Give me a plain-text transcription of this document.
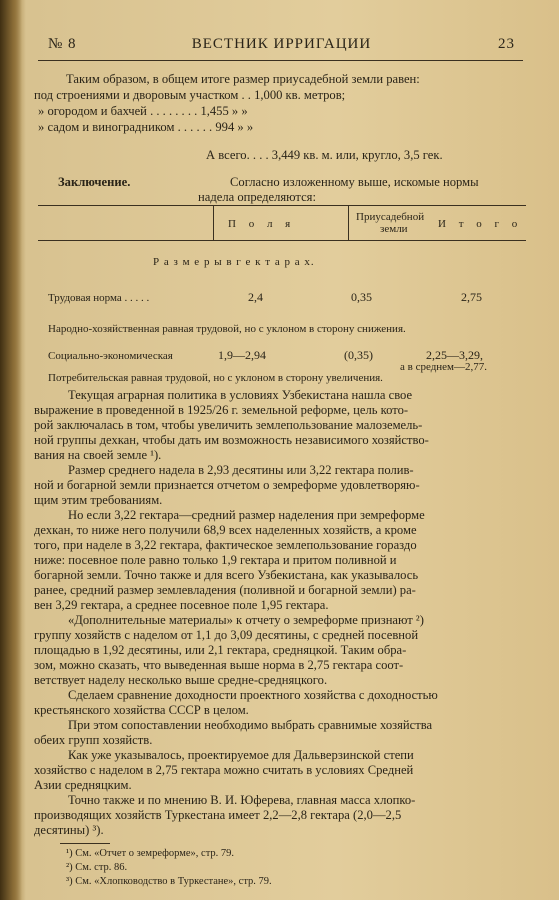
№ 8	ВЕСТНИК ИРРИГАЦИИ	23
Таким образом, в общем итоге размер приусадебной земли равен:
под строениями и дворовым участком . . 1,000 кв. метров;
» огородом и бахчей . . . . . . . . 1,455 » »
» садом и виноградником . . . . . . 994 » »
А всего. . . . 3,449 кв. м. или, кругло, 3,5 гек.
Заключение.	Согласно изложенному выше, искомые нормы
надела определяются:
П о л я
Приусадебной
земли	И т о г о
Р а з м е р ы в г е к т а р а х.
Трудовая норма . . . . .	2,4	0,35	2,75
Народно-хозяйственная равная трудовой, но с уклоном в сторону снижения.
Социально-экономическая	1,9—2,94	(0,35)	2,25—3,29,
а в среднем—2,77.
Потребительская равная трудовой, но с уклоном в сторону увеличения.
Текущая аграрная политика в условиях Узбекистана нашла свое
выражение в проведенной в 1925/26 г. земельной реформе, цель кото-
рой заключалась в том, чтобы увеличить землепользование малоземель-
ной группы дехкан, чтобы дать им возможность независимого хозяйство-
вания на своей земле ¹).
Размер среднего надела в 2,93 десятины или 3,22 гектара полив-
ной и богарной земли признается отчетом о земреформе удовлетворяю-
щим этим требованиям.
Но если 3,22 гектара—средний размер наделения при земреформе
дехкан, то ниже него получили 68,9 всех наделенных хозяйств, а кроме
того, при наделе в 3,22 гектара, фактическое землепользование гораздо
ниже: посевное поле равно только 1,9 гектара и притом поливной и
богарной земли. Точно также и для всего Узбекистана, как указывалось
ранее, средний размер землевладения (поливной и богарной земли) ра-
вен 3,29 гектара, а среднее посевное поле 1,95 гектара.
«Дополнительные материалы» к отчету о земреформе признают ²)
группу хозяйств с наделом от 1,1 до 3,09 десятины, с средней посевной
площадью в 1,92 десятины, или 2,1 гектара, средняцкой. Таким обра-
зом, можно сказать, что выведенная выше норма в 2,75 гектара соот-
ветствует наделу несколько выше средне-средняцкого.
Сделаем сравнение доходности проектного хозяйства с доходностью
крестьянского хозяйства СССР в целом.
При этом сопоставлении необходимо выбрать сравнимые хозяйства
обеих групп хозяйств.
Как уже указывалось, проектируемое для Дальверзинской степи
хозяйство с наделом в 2,75 гектара можно считать в условиях Средней
Азии средняцким.
Точно также и по мнению В. И. Юферева, главная масса хлопко-
производящих хозяйств Туркестана имеет 2,2—2,8 гектара (2,0—2,5
десятины) ³).
¹) См. «Отчет о земреформе», стр. 79.
²) См. стр. 86.
³) См. «Хлопководство в Туркестане», стр. 79.
